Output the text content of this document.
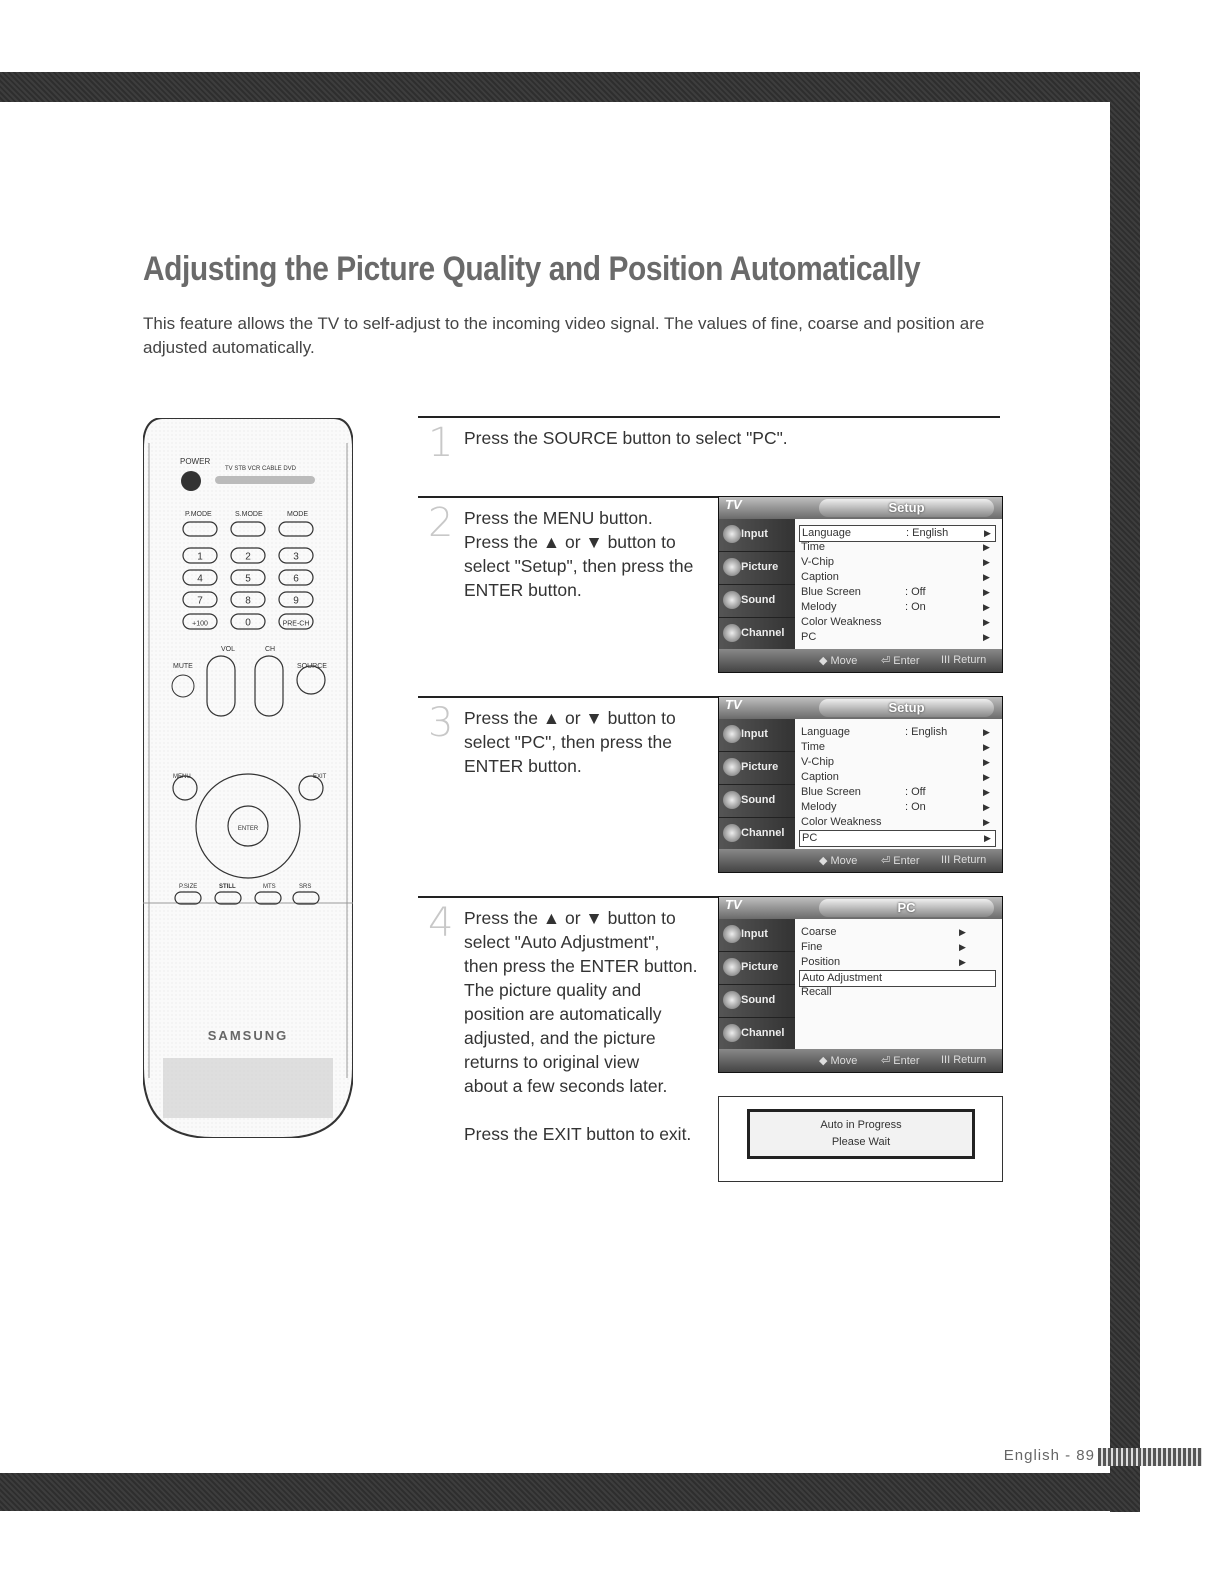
Adjusting the Picture Quality and Position Automatically

This feature allows the TV to self-adjust to the incoming video signal. The values of fine, coarse and position are adjusted automatically.

POWER
TV STB VCR CABLE DVD
P.MODE	S.MODE	MODE
1	2	3
4	5	6
7	8	9
+100	0	PRE-CH
VOL	CH
MUTE	SOURCE
ENTER
MENU	EXIT
P.SIZE	STILL	MTS	SRS
SAMSUNG
1 Press the SOURCE button to select "PC".

2 Press the MENU button.

Press the ▲ or ▼ button to

select "Setup", then press the

ENTER button.

TV	Setup
Input
Picture
Sound
Channel
Language	: English	▶
Time	▶
V-Chip	▶
Caption	▶
Blue Screen	: Off	▶
Melody	: On	▶
Color Weakness	▶
PC	▶
◆ Move ⏎ Enter III Return
3 Press the ▲ or ▼ button to

select "PC", then press the

ENTER button.

TV	Setup
Input
Picture
Sound
Channel
Language	: English	▶
Time	▶
V-Chip	▶
Caption	▶
Blue Screen	: Off	▶
Melody	: On	▶
Color Weakness	▶
PC	▶
◆ Move ⏎ Enter III Return
4 Press the ▲ or ▼ button to

select "Auto Adjustment",

then press the ENTER button.

The picture quality and

position are automatically

adjusted, and the picture

returns to original view

about a few seconds later.

Press the EXIT button to exit.

TV	PC
Input
Picture
Sound
Channel
Coarse	▶
Fine	▶
Position	▶
Auto Adjustment
Recall
◆ Move ⏎ Enter III Return
Auto in Progress
Please Wait
English - 89
